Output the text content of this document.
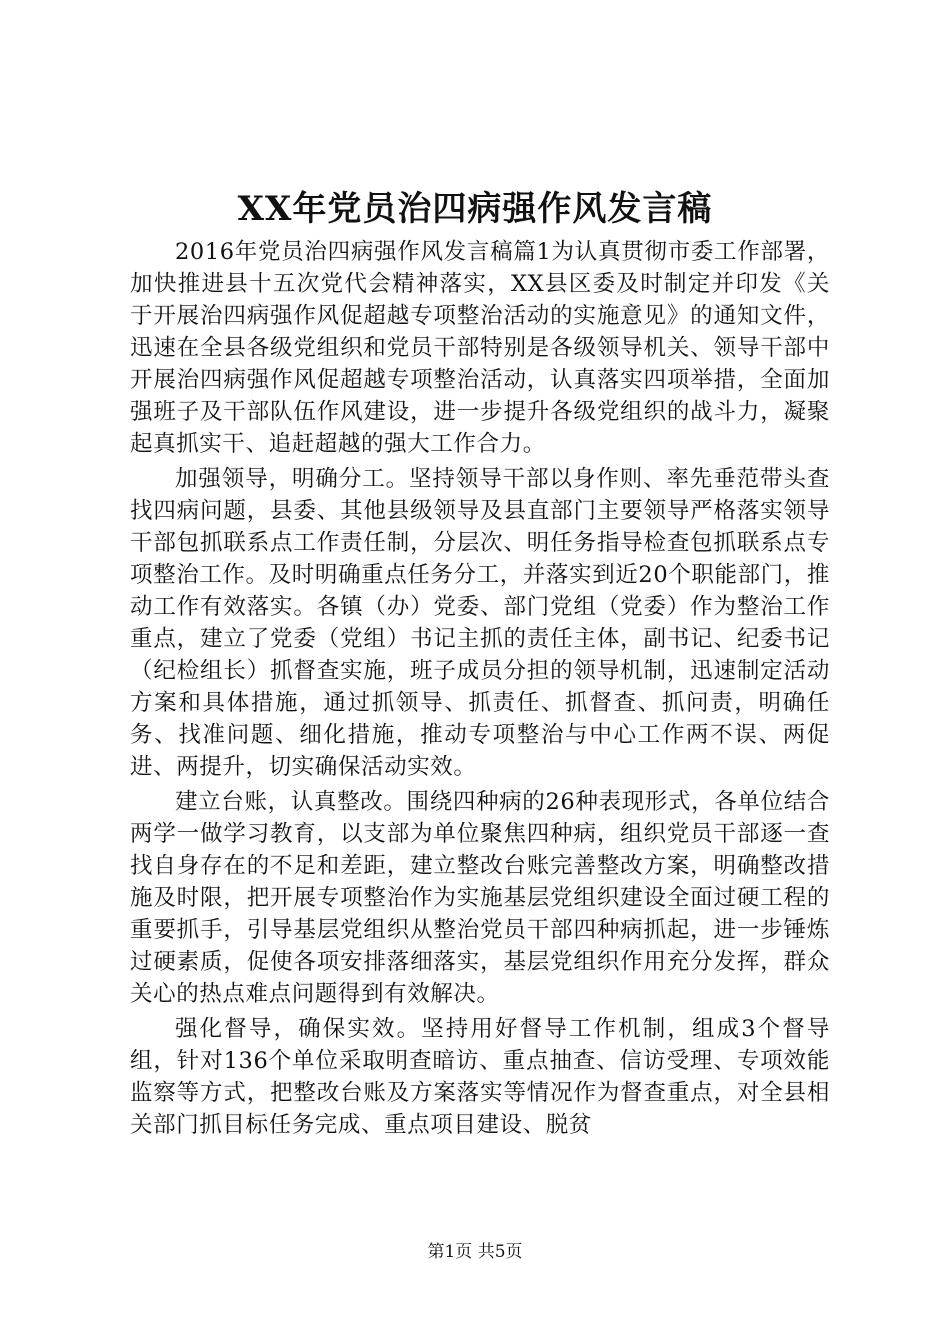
XX年党员治四病强作风发言稿

2016年党员治四病强作风发言稿篇1为认真贯彻市委工作部署，加快推进县十五次党代会精神落实，XX县区委及时制定并印发《关于开展治四病强作风促超越专项整治活动的实施意见》的通知文件，迅速在全县各级党组织和党员干部特别是各级领导机关、领导干部中开展治四病强作风促超越专项整治活动，认真落实四项举措，全面加强班子及干部队伍作风建设，进一步提升各级党组织的战斗力，凝聚起真抓实干、追赶超越的强大工作合力。

加强领导，明确分工。坚持领导干部以身作则、率先垂范带头查找四病问题，县委、其他县级领导及县直部门主要领导严格落实领导干部包抓联系点工作责任制，分层次、明任务指导检查包抓联系点专项整治工作。及时明确重点任务分工，并落实到近20个职能部门，推动工作有效落实。各镇（办）党委、部门党组（党委）作为整治工作重点，建立了党委（党组）书记主抓的责任主体，副书记、纪委书记（纪检组长）抓督查实施，班子成员分担的领导机制，迅速制定活动方案和具体措施，通过抓领导、抓责任、抓督查、抓问责，明确任务、找准问题、细化措施，推动专项整治与中心工作两不误、两促进、两提升，切实确保活动实效。

建立台账，认真整改。围绕四种病的26种表现形式，各单位结合两学一做学习教育，以支部为单位聚焦四种病，组织党员干部逐一查找自身存在的不足和差距，建立整改台账完善整改方案，明确整改措施及时限，把开展专项整治作为实施基层党组织建设全面过硬工程的重要抓手，引导基层党组织从整治党员干部四种病抓起，进一步锤炼过硬素质，促使各项安排落细落实，基层党组织作用充分发挥，群众关心的热点难点问题得到有效解决。

强化督导，确保实效。坚持用好督导工作机制，组成3个督导组，针对136个单位采取明查暗访、重点抽查、信访受理、专项效能监察等方式，把整改台账及方案落实等情况作为督查重点，对全县相关部门抓目标任务完成、重点项目建设、脱贫

第1页 共5页
